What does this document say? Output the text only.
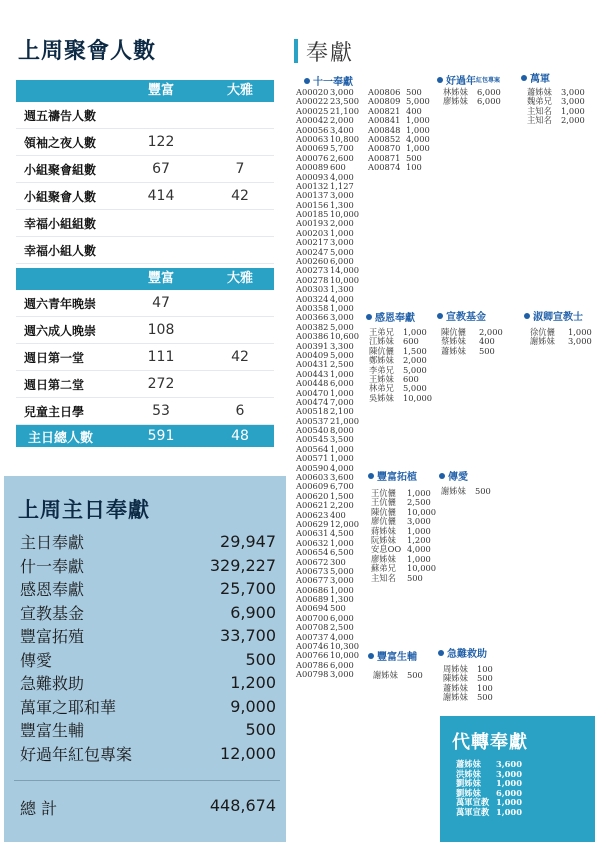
上周聚會人數
豐富	大雅
週五禱告人數
領袖之夜人數	122
小組聚會組數	67	7
小組聚會人數	414	42
幸福小組組數
幸福小組人數
豐富	大雅
週六青年晚崇	47
週六成人晚崇	108
週日第一堂	111	42
週日第二堂	272
兒童主日學	53	6
主日總人數	591	48
上周主日奉獻
主日奉獻	29,947
什一奉獻	329,227
感恩奉獻	25,700
宣教基金	6,900
豐富拓殖	33,700
傳愛	500
急難救助	1,200
萬軍之耶和華	9,000
豐富生輔	500
好過年紅包專案	12,000
總 計	448,674
奉獻
十一奉獻
A00020 3,000
A00022 23,500
A00025 21,100
A00042 2,000
A00056 3,400
A00063 10,800
A00069 5,700
A00076 2,600
A00089 600
A00093 4,000
A00132 1,127
A00137 3,000
A00156 1,300
A00185 10,000
A00193 2,000
A00203 1,000
A00217 3,000
A00247 5,000
A00260 6,000
A00273 14,000
A00278 10,000
A00303 1,300
A00324 4,000
A00358 1,000
A00366 3,000
A00382 5,000
A00386 10,600
A00391 3,300
A00409 5,000
A00431 2,500
A00443 1,000
A00448 6,000
A00470 1,000
A00474 7,000
A00518 2,100
A00537 21,000
A00540 8,000
A00545 3,500
A00564 1,000
A00571 1,000
A00590 4,000
A00603 3,600
A00609 6,700
A00620 1,500
A00621 2,200
A00623 400
A00629 12,000
A00631 4,500
A00632 1,000
A00654 6,500
A00672 300
A00673 5,000
A00677 3,000
A00686 1,000
A00689 1,300
A00694 500
A00700 6,000
A00708 2,500
A00737 4,000
A00746 10,300
A00766 10,000
A00786 6,000
A00798 3,000
A00806 500
A00809 5,000
A00821 400
A00841 1,000
A00848 1,000
A00852 4,000
A00870 1,000
A00871 500
A00874 100
好過年 紅包專案
林姊妹	6,000
廖姊妹	6,000
萬軍
蕭姊妹	3,000
魏弟兄	3,000
主知名	1,000
主知名	2,000
感恩奉獻
王弟兄	1,000
江姊妹	600
陳伉儷	1,500
鄭姊妹	2,000
李弟兄	5,000
王姊妹	600
林弟兄	5,000
吳姊妹	10,000
宣教基金
陳伉儷	2,000
蔡姊妹	400
蕭姊妹	500
淑卿宣教士
徐伉儷	1,000
謝姊妹	3,000
豐富拓植
王伉儷	1,000
王伉儷	2,500
陳伉儷	10,000
廖伉儷	3,000
蔣姊妹	1,000
阮姊妹	1,200
安息OO 4,000
廖姊妹	1,000
蘇弟兄	10,000
主知名	500
傳愛
謝姊妹	500
豐富生輔
謝姊妹	500
急難救助
周姊妹	100
陳姊妹	500
蕭姊妹	100
謝姊妹	500
代轉奉獻
蕭姊妹	3,600
洪姊妹	3,000
劉姊妹	1,000
劉姊妹	6,000
萬軍宣教 1,000
萬軍宣教 1,000
